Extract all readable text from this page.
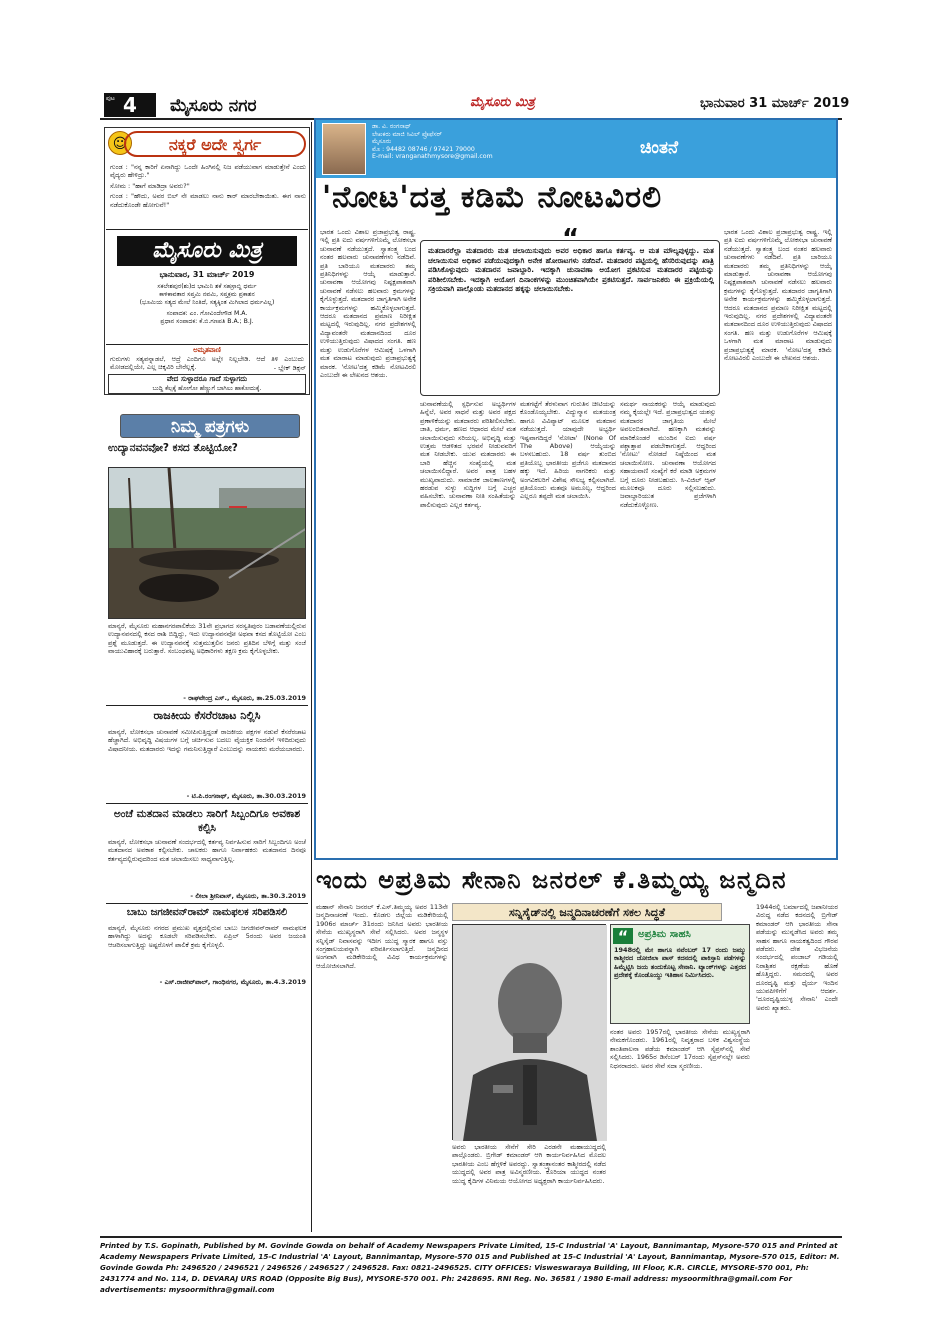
4
ಪುಟ	ಮೈಸೂರು ನಗರ	ಮೈಸೂರು ಮಿತ್ರ	ಭಾನುವಾರ 31 ಮಾರ್ಚ್ 2019
☺	ನಕ್ಕರೆ ಅದೇ ಸ್ವರ್ಗ

ಗುಂಡ : "ನನ್ನ ಕಾರಿಗೆ ಏನಾಗಿದ್ದು ಒಂದೇ ಹಿಂಗಿನಲ್ಲಿ ನಿಜ ಪಡೆಯುವಾಗ ಮಾಡುತ್ತೇನೆ ಎಂದು ವೈದ್ಯರು ಹೇಳಿದ್ರು."

ಸೋಮ : "ಹಾಗೆ ಮಾಡಿದ್ರಾ ಅವರು?"

ಗುಂಡ : "ಹೌದು, ಅವರ ಬಿಲ್ ನೇ ಮಾಡಲು ನಾನು ಕಾರ್ ಮಾರಬೇಕಾಯಿತು. ಈಗ ನಾನು ನಡೆದುಕೊಂಡೇ ಹೋಗುವೆ!"

ಮೈಸೂರು ಮಿತ್ರ
ಭಾನುವಾರ, 31 ಮಾರ್ಚ್ 2019
ಸಕಲೇಶಪುರ(ಶು)ದ ಭಾಮಿನಿ ಶಕೆ ಸಹಸ್ರಾಬ್ದಿ ಧರ್ಮ
ಕಾಳಿಕಾವತಾರ ಸಪ್ತಮಿ ನವಮಿ, ಸಪ್ತಕ್ರಮ ಪ್ರಕಾಶನ
(ಭೂಮಿಯ ಸತ್ಯದ ಮೇಲೆ ನಿಂತಿದೆ, ಸತ್ಯಕ್ಕಿಂತ ಮಿಗಿಲಾದ ಧರ್ಮವಿಲ್ಲ)
ಸಂಪಾದಕ: ಎಂ. ಗೋವಿಂದೇಗೌಡ M.A.
ಪ್ರಧಾನ ಸಂಪಾದಕ: ಕೆ.ಬಿ.ಗಣಪತಿ B.A.; B.J.
ಅಮೃತವಾಣಿ
ಗುರುಗಳು ಸತ್ಯವನ್ನಾಡಲೆ, ಆದ್ರೆ ಎಂದಿಗೂ ಅಲ್ಲೇ ನಿಲ್ಲಬೇಡಿ. ಆದೆ ತಿಳಿ ಎಂಬುದು ಮೋಡದಲ್ಲಿಯೇ, ಎಲ್ಲ ಚಿಕ್ಕವಿರಿ ಬೇರೆಲ್ಲಕ್ಕೆ.	- ಬ್ಲೇಕ್ ಡಿಕ್ಸನ್
ವೇದ ಸುಳ್ಳಾದರೂ ಗಾದೆ ಸುಳ್ಳಾಗದು
ಬುದ್ದಿ ಕೆಲ್ಸಕ್ಕೆ ಹೋಗೋ ಹೆಣ್ಣುಗೆ ಬಾಗಿಲು ಹಾಕೋದುಕ್ಕೆ.
ನಿಮ್ಮ ಪತ್ರಗಳು
ಉದ್ಯಾನವನವೋ? ಕಸದ ತೊಟ್ಟಿಯೋ?
ಮಾನ್ಯರೆ, ಮೈಸೂರು ಮಹಾನಗರಪಾಲಿಕೆಯ 31ನೇ ಪ್ರಭಾಗದ ಸರಸ್ವತಿಪುರಂ ಬಡಾವಣೆಯಲ್ಲಿರುವ ಉದ್ಯಾನವನದಲ್ಲಿ ಕಸದ ರಾಶಿ ಬಿದ್ದಿದ್ದು, ಇದು ಉದ್ಯಾನವನವೋ ಅಥವಾ ಕಸದ ತೊಟ್ಟಿಯೋ ಎಂಬ ಪ್ರಶ್ನೆ ಮೂಡುತ್ತದೆ. ಈ ಉದ್ಯಾನವನಕ್ಕೆ ಸುತ್ತಮುತ್ತಲಿನ ಜನರು ಪ್ರತಿದಿನ ಬೆಳಿಗ್ಗೆ ಮತ್ತು ಸಂಜೆ ವಾಯುವಿಹಾರಕ್ಕೆ ಬರುತ್ತಾರೆ. ಸಂಬಂಧಪಟ್ಟ ಅಧಿಕಾರಿಗಳು ತಕ್ಷಣ ಕ್ರಮ ಕೈಗೊಳ್ಳಬೇಕು.
- ರಾಘವೇಂದ್ರ ಎಸ್., ಮೈಸೂರು, ತಾ.25.03.2019
ರಾಜಕೀಯ ಕೆಸರೆರಚಾಟ ನಿಲ್ಲಿಸಿ
ಮಾನ್ಯರೆ, ಲೋಕಸಭಾ ಚುನಾವಣೆ ಸಮೀಪಿಸುತ್ತಿದ್ದಂತೆ ರಾಜಕೀಯ ಪಕ್ಷಗಳ ನಡುವೆ ಕೆಸರೆರಚಾಟ ಹೆಚ್ಚಾಗಿದೆ. ಅಭಿವೃದ್ಧಿ ವಿಷಯಗಳ ಬಗ್ಗೆ ಚರ್ಚಿಸುವ ಬದಲು ವೈಯಕ್ತಿಕ ನಿಂದನೆಗೆ ಇಳಿದಿರುವುದು ವಿಷಾದನೀಯ. ಮತದಾರರು ಇದನ್ನು ಗಮನಿಸುತ್ತಿದ್ದಾರೆ ಎಂಬುದನ್ನು ನಾಯಕರು ಮರೆಯಬಾರದು.
- ಟಿ.ಪಿ.ರಂಗನಾಥ್, ಮೈಸೂರು, ತಾ.30.03.2019
ಅಂಚೆ ಮತದಾನ ಮಾಡಲು ಸಾರಿಗೆ ಸಿಬ್ಬಂದಿಗೂ ಅವಕಾಶ ಕಲ್ಪಿಸಿ
ಮಾನ್ಯರೆ, ಲೋಕಸಭಾ ಚುನಾವಣೆ ಸಂದರ್ಭದಲ್ಲಿ ಕರ್ತವ್ಯ ನಿರ್ವಹಿಸುವ ಸಾರಿಗೆ ಸಿಬ್ಬಂದಿಗೂ ಅಂಚೆ ಮತದಾನದ ಅವಕಾಶ ಕಲ್ಪಿಸಬೇಕು. ಚಾಲಕರು ಹಾಗೂ ನಿರ್ವಾಹಕರು ಮತದಾನದ ದಿನವೂ ಕರ್ತವ್ಯದಲ್ಲಿರುವುದರಿಂದ ಮತ ಚಲಾಯಿಸಲು ಸಾಧ್ಯವಾಗುತ್ತಿಲ್ಲ.
- ಲೀಲಾ ಶ್ರೀನಿವಾಸ್, ಮೈಸೂರು, ತಾ.30.3.2019
ಬಾಬು ಜಗಜೀವನ್‌ರಾಮ್ ನಾಮಫಲಕ ಸರಿಪಡಿಸಲಿ
ಮಾನ್ಯರೆ, ಮೈಸೂರು ನಗರದ ಪ್ರಮುಖ ವೃತ್ತದಲ್ಲಿರುವ ಬಾಬು ಜಗಜೀವನ್‌ರಾಮ್ ನಾಮಫಲಕ ಹಾಳಾಗಿದ್ದು ಅದನ್ನು ಕೂಡಲೇ ಸರಿಪಡಿಸಬೇಕು. ಏಪ್ರಿಲ್ 5ರಂದು ಅವರ ಜಯಂತಿ ಆಚರಿಸಲಾಗುತ್ತಿದ್ದು ಅಷ್ಟರೊಳಗೆ ಪಾಲಿಕೆ ಕ್ರಮ ಕೈಗೊಳ್ಳಲಿ.
- ಎಸ್.ರಾಜೀವ್‌ಪಾಲ್, ಗಾಂಧಿನಗರ, ಮೈಸೂರು, ತಾ.4.3.2019
ಡಾ. ವಿ. ರಂಗನಾಥ್
ಲೇಖಕರು ಮಾಜಿ ಸಿವಿಲ್ ಪ್ರೊಫೆಸರ್
ಮೈಸೂರು
ಮೊ : 94482 08746 / 97421 79000
E-mail: vranganathmysore@gmail.com	ಚಿಂತನೆ
'ನೋಟ'ದತ್ತ ಕಡಿಮೆ ನೋಟವಿರಲಿ
ಭಾರತ ಒಂದು ವಿಶಾಲ ಪ್ರಜಾಪ್ರಭುತ್ವ ರಾಷ್ಟ್ರ. ಇಲ್ಲಿ ಪ್ರತಿ ಐದು ವರ್ಷಗಳಿಗೊಮ್ಮೆ ಲೋಕಸಭಾ ಚುನಾವಣೆ ನಡೆಯುತ್ತದೆ. ಸ್ವಾತಂತ್ರ್ಯ ಬಂದ ನಂತರ ಹಲವಾರು ಚುನಾವಣೆಗಳು ನಡೆದಿವೆ. ಪ್ರತಿ ಬಾರಿಯೂ ಮತದಾರರು ತಮ್ಮ ಪ್ರತಿನಿಧಿಗಳನ್ನು ಆಯ್ಕೆ ಮಾಡುತ್ತಾರೆ. ಚುನಾವಣಾ ಆಯೋಗವು ನಿಷ್ಪಕ್ಷಪಾತವಾಗಿ ಚುನಾವಣೆ ನಡೆಸಲು ಹಲವಾರು ಕ್ರಮಗಳನ್ನು ಕೈಗೊಳ್ಳುತ್ತದೆ. ಮತದಾರರ ಜಾಗೃತಿಗಾಗಿ ಅನೇಕ ಕಾರ್ಯಕ್ರಮಗಳನ್ನು ಹಮ್ಮಿಕೊಳ್ಳಲಾಗುತ್ತದೆ. ಆದರೂ ಮತದಾನದ ಪ್ರಮಾಣ ನಿರೀಕ್ಷಿತ ಮಟ್ಟದಲ್ಲಿ ಇರುವುದಿಲ್ಲ. ನಗರ ಪ್ರದೇಶಗಳಲ್ಲಿ ವಿದ್ಯಾವಂತರೇ ಮತದಾನದಿಂದ ದೂರ ಉಳಿಯುತ್ತಿರುವುದು ವಿಷಾದದ ಸಂಗತಿ. ಹಣ ಮತ್ತು ಉಡುಗೊರೆಗಳ ಆಮಿಷಕ್ಕೆ ಒಳಗಾಗಿ ಮತ ಮಾರಾಟ ಮಾಡುವುದು ಪ್ರಜಾಪ್ರಭುತ್ವಕ್ಕೆ ಮಾರಕ. 'ನೋಟ'ದತ್ತ ಕಡಿಮೆ ನೋಟವಿರಲಿ ಎಂಬುದೇ ಈ ಲೇಖನದ ಆಶಯ.
ಚುನಾವಣೆಯಲ್ಲಿ ಸ್ಪರ್ಧಿಸುವ ಅಭ್ಯರ್ಥಿಗಳ ಹಿನ್ನೆಲೆ, ಅವರ ಸಾಧನೆ ಮತ್ತು ಅವರ ಪಕ್ಷದ ಪ್ರಣಾಳಿಕೆಯನ್ನು ಮತದಾರರು ಪರಿಶೀಲಿಸಬೇಕು. ಜಾತಿ, ಧರ್ಮ, ಹಣದ ಆಧಾರದ ಮೇಲೆ ಮತ ಚಲಾಯಿಸುವುದು ಸರಿಯಲ್ಲ. ಅಭಿವೃದ್ಧಿ ಮತ್ತು ಉತ್ತಮ ಆಡಳಿತದ ಭರವಸೆ ನೀಡುವವರಿಗೆ ಮತ ನೀಡಬೇಕು. ಯುವ ಮತದಾರರು ಈ ಬಾರಿ ಹೆಚ್ಚಿನ ಸಂಖ್ಯೆಯಲ್ಲಿ ಮತ ಚಲಾಯಿಸಲಿದ್ದಾರೆ. ಅವರ ಪಾತ್ರ ಬಹಳ ಮುಖ್ಯವಾದುದು. ಸಾಮಾಜಿಕ ಜಾಲತಾಣಗಳಲ್ಲಿ ಹರಡುವ ಸುಳ್ಳು ಸುದ್ದಿಗಳ ಬಗ್ಗೆ ಎಚ್ಚರ ವಹಿಸಬೇಕು. ಚುನಾವಣಾ ನೀತಿ ಸಂಹಿತೆಯನ್ನು ಪಾಲಿಸುವುದು ಎಲ್ಲರ ಕರ್ತವ್ಯ.
ಮತಗಟ್ಟೆಗೆ ತೆರಳುವಾಗ ಗುರುತಿನ ಚೀಟಿಯನ್ನು ಕೊಂಡೊಯ್ಯಬೇಕು. ವಿದ್ಯುನ್ಮಾನ ಮತಯಂತ್ರ ಹಾಗೂ ವಿವಿಪ್ಯಾಟ್ ಮೂಲಕ ಮತದಾನ ನಡೆಯುತ್ತದೆ. ಯಾವುದೇ ಅಭ್ಯರ್ಥಿ ಇಷ್ಟವಾಗದಿದ್ದರೆ 'ನೋಟಾ' (None Of The Above) ಆಯ್ಕೆಯನ್ನು ಬಳಸಬಹುದು. 18 ವರ್ಷ ತುಂಬಿದ ಪ್ರತಿಯೊಬ್ಬ ಭಾರತೀಯ ಪ್ರಜೆಗೂ ಮತದಾನದ ಹಕ್ಕು ಇದೆ. ಹಿರಿಯ ನಾಗರಿಕರು ಮತ್ತು ಅಂಗವಿಕಲರಿಗೆ ವಿಶೇಷ ಸೌಲಭ್ಯ ಕಲ್ಪಿಸಲಾಗಿದೆ. ಪ್ರತಿಯೊಂದು ಮತವೂ ಅಮೂಲ್ಯ, ಆದ್ದರಿಂದ ಎಲ್ಲರೂ ತಪ್ಪದೇ ಮತ ಚಲಾಯಿಸಿ.
ಸಮರ್ಥ ನಾಯಕರನ್ನು ಆಯ್ಕೆ ಮಾಡುವುದು ನಮ್ಮ ಕೈಯಲ್ಲೇ ಇದೆ. ಪ್ರಜಾಪ್ರಭುತ್ವದ ಯಶಸ್ಸು ಮತದಾರರ ಜಾಗೃತಿಯ ಮೇಲೆ ಅವಲಂಬಿತವಾಗಿದೆ. ಹಣಕ್ಕಾಗಿ ಮತವನ್ನು ಮಾರಿಕೊಂಡರೆ ಮುಂದಿನ ಐದು ವರ್ಷ ಪಶ್ಚಾತ್ತಾಪ ಪಡಬೇಕಾಗುತ್ತದೆ. ಆದ್ದರಿಂದ 'ನೋಟು' ನೋಡದೆ ನಿಷ್ಠೆಯಿಂದ ಮತ ಚಲಾಯಿಸೋಣ. ಚುನಾವಣಾ ಆಯೋಗದ ಸಹಾಯವಾಣಿ ಸಂಖ್ಯೆಗೆ ಕರೆ ಮಾಡಿ ಅಕ್ರಮಗಳ ಬಗ್ಗೆ ದೂರು ನೀಡಬಹುದು. ಸಿ-ವಿಜಿಲ್ ಆ್ಯಪ್ ಮೂಲಕವೂ ದೂರು ಸಲ್ಲಿಸಬಹುದು. ಜವಾಬ್ದಾರಿಯುತ ಪ್ರಜೆಗಳಾಗಿ ನಡೆದುಕೊಳ್ಳೋಣ.
ಭಾರತ ಒಂದು ವಿಶಾಲ ಪ್ರಜಾಪ್ರಭುತ್ವ ರಾಷ್ಟ್ರ. ಇಲ್ಲಿ ಪ್ರತಿ ಐದು ವರ್ಷಗಳಿಗೊಮ್ಮೆ ಲೋಕಸಭಾ ಚುನಾವಣೆ ನಡೆಯುತ್ತದೆ. ಸ್ವಾತಂತ್ರ್ಯ ಬಂದ ನಂತರ ಹಲವಾರು ಚುನಾವಣೆಗಳು ನಡೆದಿವೆ. ಪ್ರತಿ ಬಾರಿಯೂ ಮತದಾರರು ತಮ್ಮ ಪ್ರತಿನಿಧಿಗಳನ್ನು ಆಯ್ಕೆ ಮಾಡುತ್ತಾರೆ. ಚುನಾವಣಾ ಆಯೋಗವು ನಿಷ್ಪಕ್ಷಪಾತವಾಗಿ ಚುನಾವಣೆ ನಡೆಸಲು ಹಲವಾರು ಕ್ರಮಗಳನ್ನು ಕೈಗೊಳ್ಳುತ್ತದೆ. ಮತದಾರರ ಜಾಗೃತಿಗಾಗಿ ಅನೇಕ ಕಾರ್ಯಕ್ರಮಗಳನ್ನು ಹಮ್ಮಿಕೊಳ್ಳಲಾಗುತ್ತದೆ. ಆದರೂ ಮತದಾನದ ಪ್ರಮಾಣ ನಿರೀಕ್ಷಿತ ಮಟ್ಟದಲ್ಲಿ ಇರುವುದಿಲ್ಲ. ನಗರ ಪ್ರದೇಶಗಳಲ್ಲಿ ವಿದ್ಯಾವಂತರೇ ಮತದಾನದಿಂದ ದೂರ ಉಳಿಯುತ್ತಿರುವುದು ವಿಷಾದದ ಸಂಗತಿ. ಹಣ ಮತ್ತು ಉಡುಗೊರೆಗಳ ಆಮಿಷಕ್ಕೆ ಒಳಗಾಗಿ ಮತ ಮಾರಾಟ ಮಾಡುವುದು ಪ್ರಜಾಪ್ರಭುತ್ವಕ್ಕೆ ಮಾರಕ. 'ನೋಟ'ದತ್ತ ಕಡಿಮೆ ನೋಟವಿರಲಿ ಎಂಬುದೇ ಈ ಲೇಖನದ ಆಶಯ.
“
ಮತದಾರರೆಲ್ಲಾ ಮತದಾರರು ಮತ ಚಲಾಯಿಸುವುದು ಅವರ ಅಧಿಕಾರ ಹಾಗೂ ಕರ್ತವ್ಯ. ಆ ಮತ ಮೌಲ್ಯವುಳ್ಳದ್ದು. ಮತ ಚಲಾಯಿಸುವ ಅಧಿಕಾರ ಪಡೆಯುವುದಕ್ಕಾಗಿ ಅನೇಕ ಹೋರಾಟಗಳು ನಡೆದಿವೆ. ಮತದಾರರ ಪಟ್ಟಿಯಲ್ಲಿ ಹೆಸರಿರುವುದನ್ನು ಖಾತ್ರಿ ಪಡಿಸಿಕೊಳ್ಳುವುದು ಮತದಾರನ ಜವಾಬ್ದಾರಿ. ಇದಕ್ಕಾಗಿ ಚುನಾವಣಾ ಆಯೋಗ ಪ್ರಕಟಿಸುವ ಮತದಾರರ ಪಟ್ಟಿಯನ್ನು ಪರಿಶೀಲಿಸಬೇಕು. ಇದಕ್ಕಾಗಿ ಆಯೋಗ ದಿನಾಂಕಗಳನ್ನು ಮುಂಚಿತವಾಗಿಯೇ ಪ್ರಕಟಿಸುತ್ತದೆ. ಸಾರ್ವಜನಿಕರು ಈ ಪ್ರಕ್ರಿಯೆಯಲ್ಲಿ ಸಕ್ರಿಯವಾಗಿ ಪಾಲ್ಗೊಂಡು ಮತದಾನದ ಹಕ್ಕನ್ನು ಚಲಾಯಿಸಬೇಕು.
ಇಂದು ಅಪ್ರತಿಮ ಸೇನಾನಿ ಜನರಲ್ ಕೆ.ತಿಮ್ಮಯ್ಯ ಜನ್ಮದಿನ
ಸನ್ನಿಸೈಡ್‌ನಲ್ಲಿ ಜನ್ಮದಿನಾಚರಣೆಗೆ ಸಕಲ ಸಿದ್ಧತೆ
ಮಹಾನ್ ಸೇನಾನಿ ಜನರಲ್ ಕೆ.ಎಸ್.ತಿಮ್ಮಯ್ಯ ಅವರ 113ನೇ ಜನ್ಮದಿನಾಚರಣೆ ಇಂದು. ಕೊಡಗು ಜಿಲ್ಲೆಯ ಮಡಿಕೇರಿಯಲ್ಲಿ 1906ರ ಮಾರ್ಚ್ 31ರಂದು ಜನಿಸಿದ ಅವರು ಭಾರತೀಯ ಸೇನೆಯ ಮುಖ್ಯಸ್ಥರಾಗಿ ಸೇವೆ ಸಲ್ಲಿಸಿದರು. ಅವರ ಜನ್ಮಸ್ಥಳ ಸನ್ನಿಸೈಡ್ ನಿವಾಸವನ್ನು ಇದೀಗ ಯುದ್ಧ ಸ್ಮಾರಕ ಹಾಗೂ ವಸ್ತು ಸಂಗ್ರಹಾಲಯವನ್ನಾಗಿ ಪರಿವರ್ತಿಸಲಾಗುತ್ತಿದೆ. ಜನ್ಮದಿನದ ಅಂಗವಾಗಿ ಮಡಿಕೇರಿಯಲ್ಲಿ ವಿವಿಧ ಕಾರ್ಯಕ್ರಮಗಳನ್ನು ಆಯೋಜಿಸಲಾಗಿದೆ.
“ ಅಪ್ರತಿಮ ಸಾಹಸಿ
1948ರಲ್ಲಿ ಮೇ ಹಾಗೂ ನವೆಂಬರ್ 17 ರಂದು ಜಮ್ಮು ಕಾಶ್ಮೀರದ ಜೋಜಿಲಾ ಪಾಸ್ ಕದನದಲ್ಲಿ ಪಾಕಿಸ್ತಾನಿ ಪಡೆಗಳನ್ನು ಹಿಮ್ಮೆಟ್ಟಿಸಿ ಜಯ ತಂದುಕೊಟ್ಟ ಸೇನಾನಿ. ಟ್ಯಾಂಕ್‌ಗಳನ್ನು ಎತ್ತರದ ಪ್ರದೇಶಕ್ಕೆ ಕೊಂಡೊಯ್ದು ಇತಿಹಾಸ ನಿರ್ಮಿಸಿದರು.
ನಂತರ ಅವರು 1957ರಲ್ಲಿ ಭಾರತೀಯ ಸೇನೆಯ ಮುಖ್ಯಸ್ಥರಾಗಿ ನೇಮಕಗೊಂಡರು. 1961ರಲ್ಲಿ ನಿವೃತ್ತರಾದ ಬಳಿಕ ವಿಶ್ವಸಂಸ್ಥೆಯ ಶಾಂತಿಪಾಲನಾ ಪಡೆಯ ಕಮಾಂಡರ್ ಆಗಿ ಸೈಪ್ರಸ್‌ನಲ್ಲಿ ಸೇವೆ ಸಲ್ಲಿಸಿದರು. 1965ರ ಡಿಸೆಂಬರ್ 17ರಂದು ಸೈಪ್ರಸ್‌ನಲ್ಲೇ ಅವರು ನಿಧನರಾದರು. ಅವರ ಸೇವೆ ಸದಾ ಸ್ಮರಣೀಯ.
ಅವರು ಭಾರತೀಯ ಸೇನೆಗೆ ಸೇರಿ ಎರಡನೇ ಮಹಾಯುದ್ಧದಲ್ಲಿ ಪಾಲ್ಗೊಂಡರು. ಬ್ರಿಗೇಡ್ ಕಮಾಂಡರ್ ಆಗಿ ಕಾರ್ಯನಿರ್ವಹಿಸಿದ ಮೊದಲ ಭಾರತೀಯ ಎಂಬ ಹೆಗ್ಗಳಿಕೆ ಅವರದ್ದು. ಸ್ವಾತಂತ್ರ್ಯಾನಂತರ ಕಾಶ್ಮೀರದಲ್ಲಿ ನಡೆದ ಯುದ್ಧದಲ್ಲಿ ಅವರ ಪಾತ್ರ ಅವಿಸ್ಮರಣೀಯ. ಕೊರಿಯಾ ಯುದ್ಧದ ನಂತರ ಯುದ್ಧ ಕೈದಿಗಳ ವಿನಿಮಯ ಆಯೋಗದ ಅಧ್ಯಕ್ಷರಾಗಿ ಕಾರ್ಯನಿರ್ವಹಿಸಿದರು.
1944ರಲ್ಲಿ ಬರ್ಮಾದಲ್ಲಿ ಜಪಾನೀಯರ ವಿರುದ್ಧ ನಡೆದ ಕದನದಲ್ಲಿ ಬ್ರಿಗೇಡ್ ಕಮಾಂಡರ್ ಆಗಿ ಭಾರತೀಯ ಸೇನಾ ಪಡೆಯನ್ನು ಮುನ್ನಡೆಸಿದ ಅವರು ತಮ್ಮ ಸಾಹಸ ಹಾಗೂ ನಾಯಕತ್ವದಿಂದ ಗೌರವ ಪಡೆದರು. ದೇಶ ವಿಭಜನೆಯ ಸಂದರ್ಭದಲ್ಲಿ ಪಂಜಾಬ್ ಗಡಿಯಲ್ಲಿ ನಿರಾಶ್ರಿತರ ರಕ್ಷಣೆಯ ಹೊಣೆ ಹೊತ್ತಿದ್ದರು. ಸಮರದಲ್ಲಿ ಅವರ ದೂರದೃಷ್ಟಿ ಮತ್ತು ಧೈರ್ಯ ಇಂದಿನ ಯುವಪೀಳಿಗೆಗೆ ಆದರ್ಶ. 'ದೂರದೃಷ್ಟಿಯುಳ್ಳ ಸೇನಾನಿ' ಎಂದೇ ಅವರು ಖ್ಯಾತರು.
Printed by T.S. Gopinath, Published by M. Govinde Gowda on behalf of Academy Newspapers Private Limited, 15-C Industrial 'A' Layout, Bannimantap, Mysore-570 015 and Printed at Academy Newspapers Private Limited, 15-C Industrial 'A' Layout, Bannimantap, Mysore-570 015 and Published at 15-C Industrial 'A' Layout, Bannimantap, Mysore-570 015, Editor: M. Govinde Gowda Ph: 2496520 / 2496521 / 2496526 / 2496527 / 2496528. Fax: 0821-2496525. CITY OFFICES: Visweswaraya Building, III Floor, K.R. CIRCLE, MYSORE-570 001, Ph: 2431774 and No. 114, D. DEVARAJ URS ROAD (Opposite Big Bus), MYSORE-570 001. Ph: 2428695. RNI Reg. No. 36581 / 1980 E-mail address: mysoormithra@gmail.com For advertisements: mysoormithra@gmail.com
